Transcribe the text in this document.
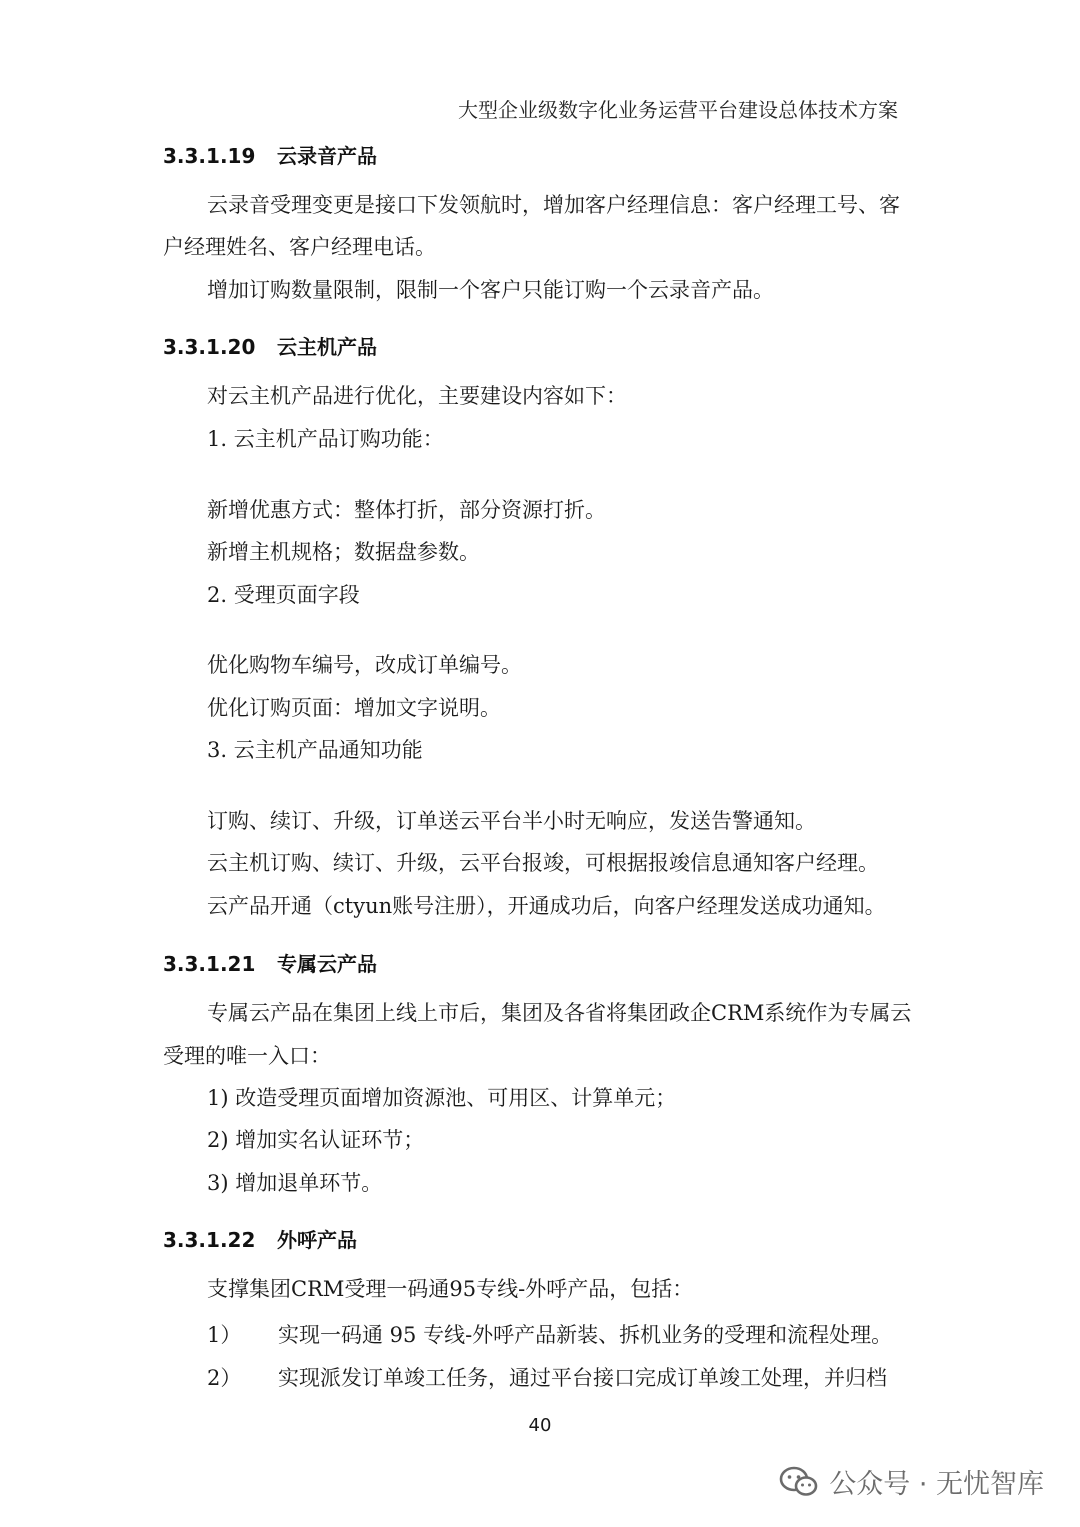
大型企业级数字化业务运营平台建设总体技术方案
3.3.1.19 云录音产品
云录音受理变更是接口下发领航时，增加客户经理信息：客户经理工号、客
户经理姓名、客户经理电话。
增加订购数量限制，限制一个客户只能订购一个云录音产品。
3.3.1.20 云主机产品
对云主机产品进行优化，主要建设内容如下：
1. 云主机产品订购功能：
新增优惠方式：整体打折，部分资源打折。
新增主机规格；数据盘参数。
2. 受理页面字段
优化购物车编号，改成订单编号。
优化订购页面：增加文字说明。
3. 云主机产品通知功能
订购、续订、升级，订单送云平台半小时无响应，发送告警通知。
云主机订购、续订、升级，云平台报竣，可根据报竣信息通知客户经理。
云产品开通（ctyun账号注册），开通成功后，向客户经理发送成功通知。
3.3.1.21 专属云产品
专属云产品在集团上线上市后，集团及各省将集团政企CRM系统作为专属云
受理的唯一入口：
1) 改造受理页面增加资源池、可用区、计算单元；
2) 增加实名认证环节；
3) 增加退单环节。
3.3.1.22 外呼产品
支撑集团CRM受理一码通95专线-外呼产品，包括：
1） 实现一码通 95 专线-外呼产品新装、拆机业务的受理和流程处理。
2） 实现派发订单竣工任务，通过平台接口完成订单竣工处理，并归档
40
公众号 · 无忧智库
